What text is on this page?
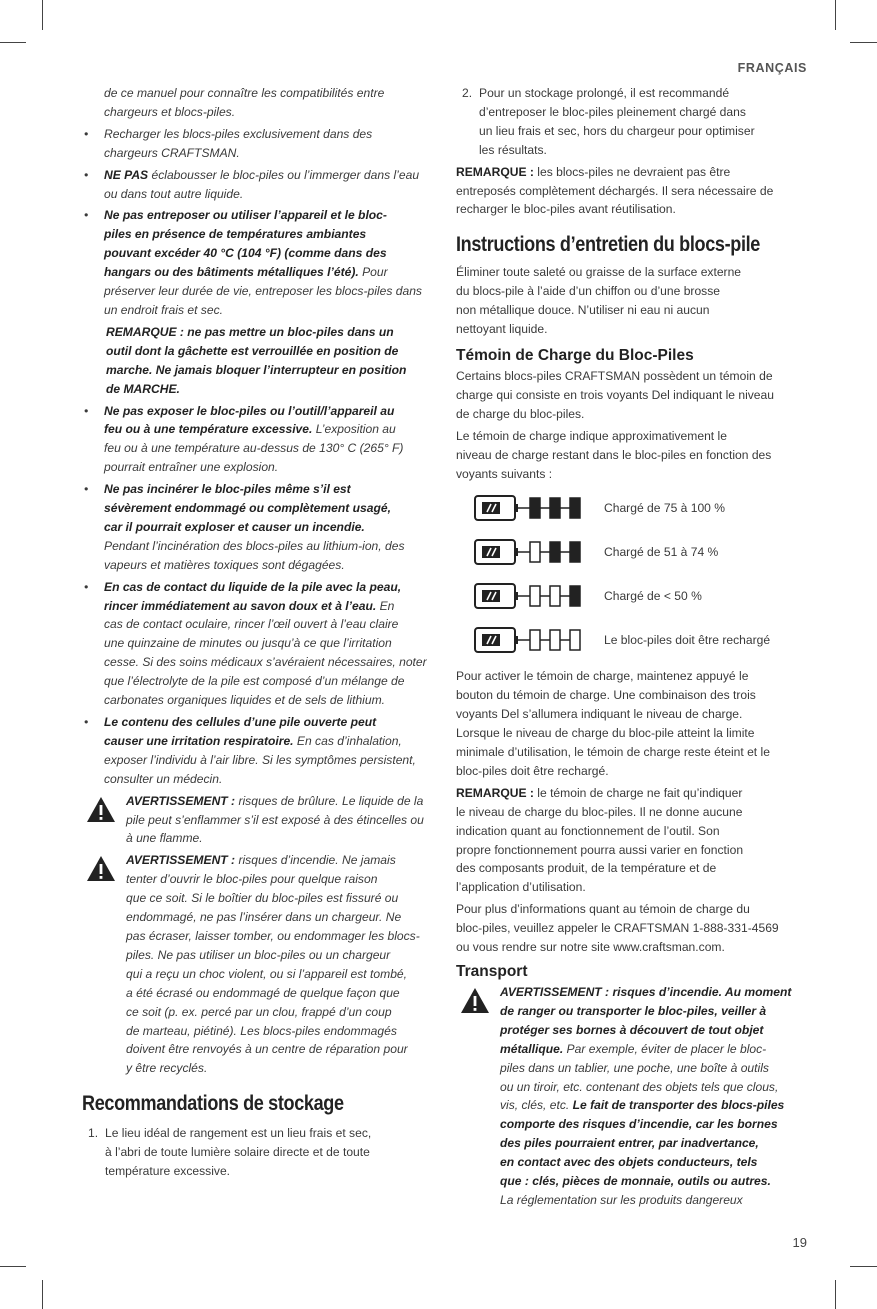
FRANÇAIS
de ce manuel pour connaître les compatibilités entre
chargeurs et blocs-piles.
• Recharger les blocs-piles exclusivement dans des
chargeurs CRAFTSMAN.
• NE PAS éclabousser le bloc-piles ou l’immerger dans l’eau
ou dans tout autre liquide.
• Ne pas entreposer ou utiliser l’appareil et le bloc-
piles en présence de températures ambiantes
pouvant excéder 40 °C (104 °F) (comme dans des
hangars ou des bâtiments métalliques l’été). Pour
préserver leur durée de vie, entreposer les blocs-piles dans
un endroit frais et sec.
REMARQUE : ne pas mettre un bloc-piles dans un
outil dont la gâchette est verrouillée en position de
marche. Ne jamais bloquer l’interrupteur en position
de MARCHE.
• Ne pas exposer le bloc-piles ou l’outil/l’appareil au
feu ou à une température excessive. L’exposition au
feu ou à une température au-dessus de 130° C (265° F)
pourrait entraîner une explosion.
• Ne pas incinérer le bloc-piles même s’il est
sévèrement endommagé ou complètement usagé,
car il pourrait exploser et causer un incendie.
Pendant l’incinération des blocs-piles au lithium-ion, des
vapeurs et matières toxiques sont dégagées.
• En cas de contact du liquide de la pile avec la peau,
rincer immédiatement au savon doux et à l’eau. En
cas de contact oculaire, rincer l’œil ouvert à l’eau claire
une quinzaine de minutes ou jusqu’à ce que l’irritation
cesse. Si des soins médicaux s’avéraient nécessaires, noter
que l’électrolyte de la pile est composé d’un mélange de
carbonates organiques liquides et de sels de lithium.
• Le contenu des cellules d’une pile ouverte peut
causer une irritation respiratoire. En cas d’inhalation,
exposer l’individu à l’air libre. Si les symptômes persistent,
consulter un médecin.
AVERTISSEMENT : risques de brûlure. Le liquide de la
pile peut s’enflammer s’il est exposé à des étincelles ou
à une flamme.
AVERTISSEMENT : risques d’incendie. Ne jamais
tenter d’ouvrir le bloc-piles pour quelque raison
que ce soit. Si le boîtier du bloc-piles est fissuré ou
endommagé, ne pas l’insérer dans un chargeur. Ne
pas écraser, laisser tomber, ou endommager les blocs-
piles. Ne pas utiliser un bloc-piles ou un chargeur
qui a reçu un choc violent, ou si l’appareil est tombé,
a été écrasé ou endommagé de quelque façon que
ce soit (p. ex. percé par un clou, frappé d’un coup
de marteau, piétiné). Les blocs-piles endommagés
doivent être renvoyés à un centre de réparation pour
y être recyclés.
Recommandations de stockage
1. Le lieu idéal de rangement est un lieu frais et sec,
à l’abri de toute lumière solaire directe et de toute
température excessive.
2. Pour un stockage prolongé, il est recommandé
d’entreposer le bloc-piles pleinement chargé dans
un lieu frais et sec, hors du chargeur pour optimiser
les résultats.
REMARQUE : les blocs-piles ne devraient pas être
entreposés complètement déchargés. Il sera nécessaire de
recharger le bloc-piles avant réutilisation.
Instructions d’entretien du blocs-pile
Éliminer toute saleté ou graisse de la surface externe
du blocs-pile à l’aide d’un chiffon ou d’une brosse
non métallique douce. N’utiliser ni eau ni aucun
nettoyant liquide.
Témoin de Charge du Bloc-Piles
Certains blocs-piles CRAFTSMAN possèdent un témoin de
charge qui consiste en trois voyants Del indiquant le niveau
de charge du bloc-piles.
Le témoin de charge indique approximativement le
niveau de charge restant dans le bloc-piles en fonction des
voyants suivants :
Chargé de 75 à 100 %
Chargé de 51 à 74 %
Chargé de < 50 %
Le bloc-piles doit être rechargé
Pour activer le témoin de charge, maintenez appuyé le
bouton du témoin de charge. Une combinaison des trois
voyants Del s’allumera indiquant le niveau de charge.
Lorsque le niveau de charge du bloc-pile atteint la limite
minimale d’utilisation, le témoin de charge reste éteint et le
bloc-piles doit être rechargé.
REMARQUE : le témoin de charge ne fait qu’indiquer
le niveau de charge du bloc-piles. Il ne donne aucune
indication quant au fonctionnement de l’outil. Son
propre fonctionnement pourra aussi varier en fonction
des composants produit, de la température et de
l’application d’utilisation.
Pour plus d’informations quant au témoin de charge du
bloc-piles, veuillez appeler le CRAFTSMAN 1-888-331-4569
ou vous rendre sur notre site www.craftsman.com.
Transport
AVERTISSEMENT : risques d’incendie. Au moment
de ranger ou transporter le bloc-piles, veiller à
protéger ses bornes à découvert de tout objet
métallique. Par exemple, éviter de placer le bloc-
piles dans un tablier, une poche, une boîte à outils
ou un tiroir, etc. contenant des objets tels que clous,
vis, clés, etc. Le fait de transporter des blocs-piles
comporte des risques d’incendie, car les bornes
des piles pourraient entrer, par inadvertance,
en contact avec des objets conducteurs, tels
que : clés, pièces de monnaie, outils ou autres.
La réglementation sur les produits dangereux
19
